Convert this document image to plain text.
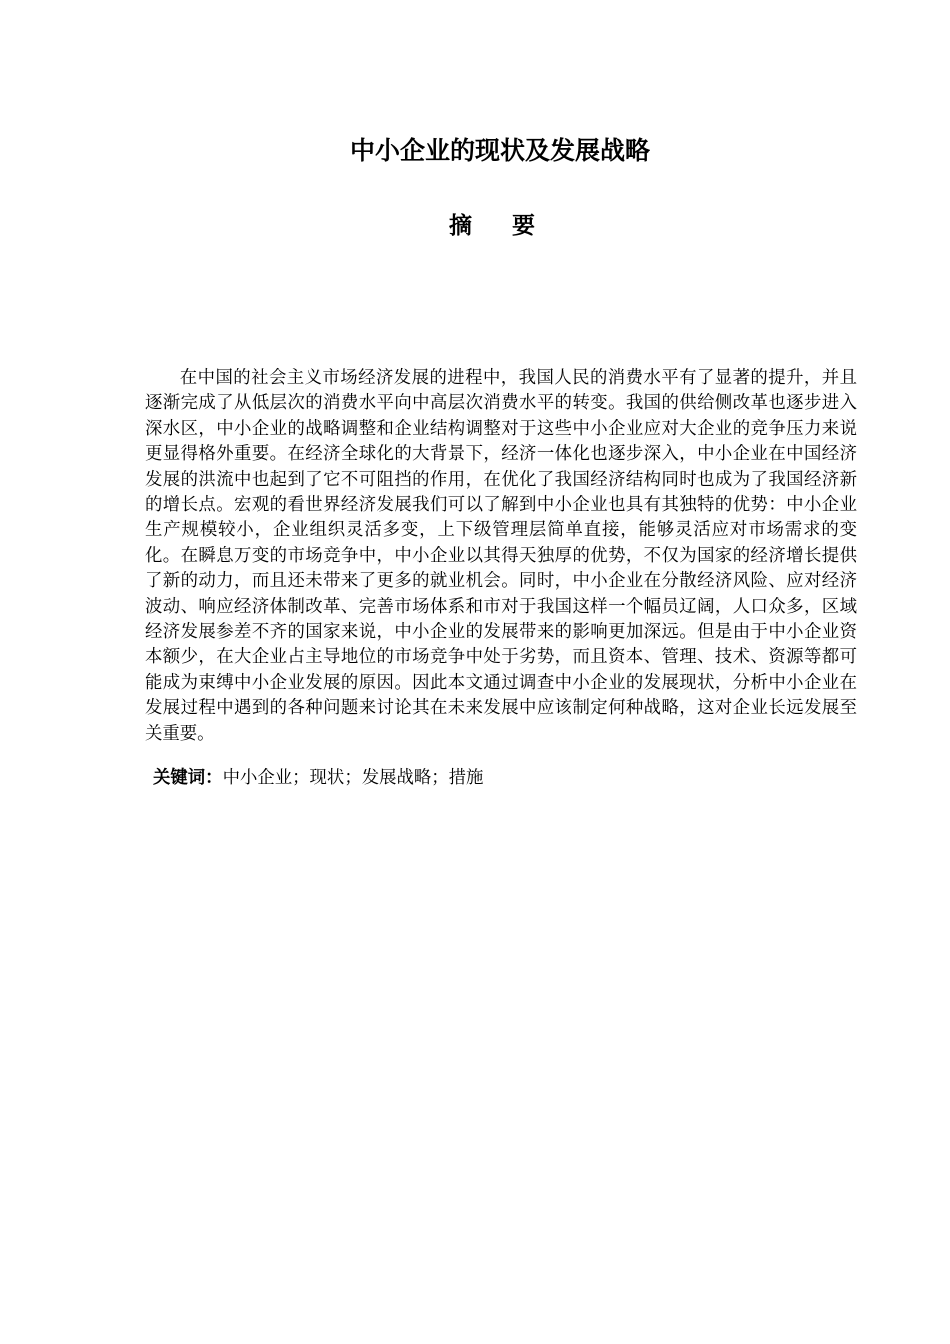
中小企业的现状及发展战略
摘 要

在中国的社会主义市场经济发展的进程中，我国人民的消费水平有了显著的提升，并且逐渐完成了从低层次的消费水平向中高层次消费水平的转变。我国的供给侧改革也逐步进入深水区，中小企业的战略调整和企业结构调整对于这些中小企业应对大企业的竞争压力来说更显得格外重要。在经济全球化的大背景下，经济一体化也逐步深入，中小企业在中国经济发展的洪流中也起到了它不可阻挡的作用，在优化了我国经济结构同时也成为了我国经济新的增长点。宏观的看世界经济发展我们可以了解到中小企业也具有其独特的优势：中小企业生产规模较小，企业组织灵活多变，上下级管理层简单直接，能够灵活应对市场需求的变化。在瞬息万变的市场竞争中，中小企业以其得天独厚的优势，不仅为国家的经济增长提供了新的动力，而且还未带来了更多的就业机会。同时，中小企业在分散经济风险、应对经济波动、响应经济体制改革、完善市场体系和市对于我国这样一个幅员辽阔，人口众多，区域经济发展参差不齐的国家来说，中小企业的发展带来的影响更加深远。但是由于中小企业资本额少，在大企业占主导地位的市场竞争中处于劣势，而且资本、管理、技术、资源等都可能成为束缚中小企业发展的原因。因此本文通过调查中小企业的发展现状，分析中小企业在发展过程中遇到的各种问题来讨论其在未来发展中应该制定何种战略，这对企业长远发展至关重要。

关键词：中小企业；现状；发展战略；措施
